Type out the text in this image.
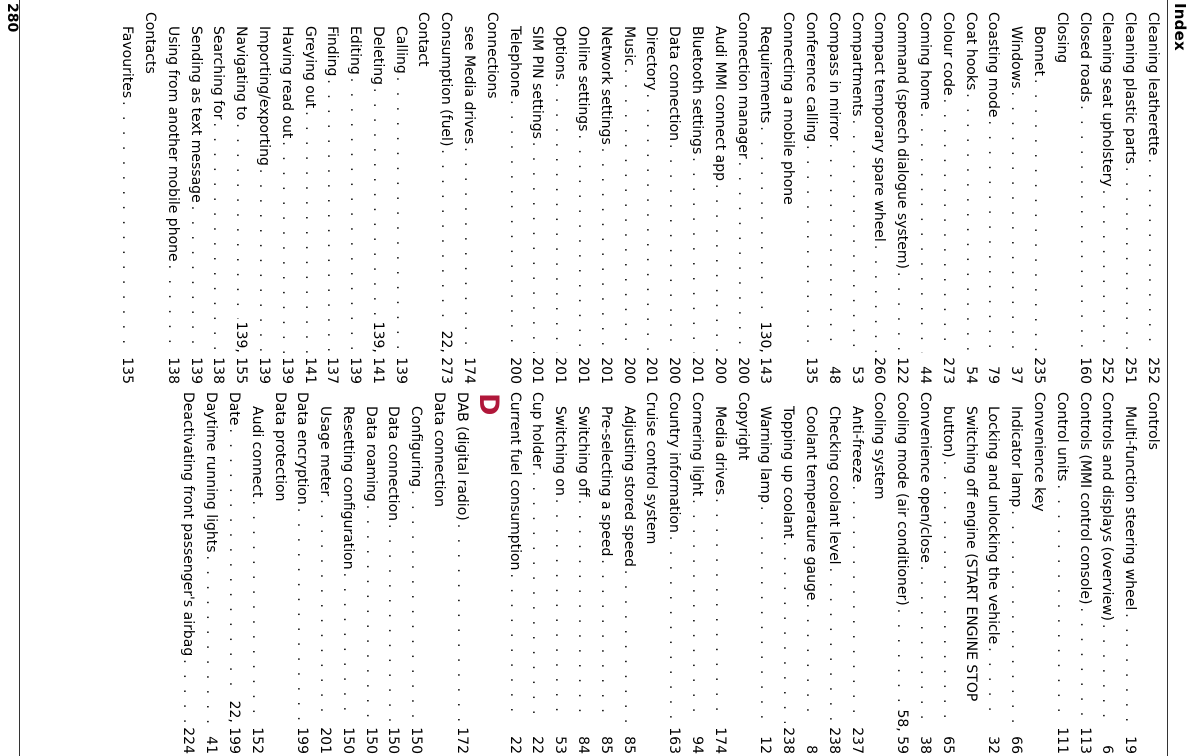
Index
Cleaning leatherette
. . .
252
Cleaning plastic parts
. . .
251
Cleaning seat upholstery
. . .
252
Closed roads
. . .
160
Closing
Bonnet
. . .
235
Windows
. . .
37
Coasting mode
. . .
79
Coat hooks
. . .
54
Colour code
. . .
273
Coming home
. . .
44
Command (speech dialogue system)
. . .
122
Compact temporary spare wheel
. . .
260
Compartments
. . .
53
Compass in mirror
. . .
48
Conference calling
. . .
135
Connecting a mobile phone
Requirements
. . .
130, 143
Connection manager
. . .
200
Audi MMI connect app
. . .
200
Bluetooth settings
. . .
201
Data connection
. . .
200
Directory
. . .
201
Music
. . .
200
Network settings
. . .
201
Online settings
. . .
201
Options
. . .
201
SIM PIN settings
. . .
201
Telephone
. . .
200
Connections
see Media drives
. . .
174
Consumption (fuel)
. . .
22, 273
Contact
Calling
. . .
139
Deleting
. . .
139, 141
Editing
. . .
139
Finding
. . .
137
Greying out
. . .
141
Having read out
. . .
139
Importing/exporting
. . .
139
Navigating to
. . .
139, 155
Searching for
. . .
138
Sending as text message
. . .
139
Using from another mobile phone
. . .
138
Contacts
Favourites
. . .
135
Controls
Multi-function steering wheel
. . .
19
Controls and displays (overview)
. . .
6
Controls (MMI control console)
. . .
113
Control units
. . .
111
Convenience key
Indicator lamp
. . .
66
Locking and unlocking the vehicle
. . .
32
Switching off engine (START ENGINE STOP
button)
. . .
65
Convenience open/close
. . .
38
Cooling mode (air conditioner)
. . .
58, 59
Cooling system
Anti-freeze
. . .
237
Checking coolant level
. . .
238
Coolant temperature gauge
. . .
8
Topping up coolant
. . .
238
Warning lamp
. . .
12
Copyright
Media drives
. . .
174
Cornering light
. . .
94
Country information
. . .
163
Cruise control system
Adjusting stored speed
. . .
85
Pre-selecting a speed
. . .
85
Switching off
. . .
84
Switching on
. . .
53
Cup holder
. . .
22
Current fuel consumption
. . .
22
D
DAB (digital radio)
. . .
172
Data connection
Configuring
. . .
150
Data connection
. . .
150
Data roaming
. . .
150
Resetting configuration
. . .
150
Usage meter
. . .
201
Data encryption
. . .
199
Data protection
Audi connect
. . .
152
Date
. . .
22, 199
Daytime running lights
. . .
41
Deactivating front passenger's airbag
. . .
224
280
